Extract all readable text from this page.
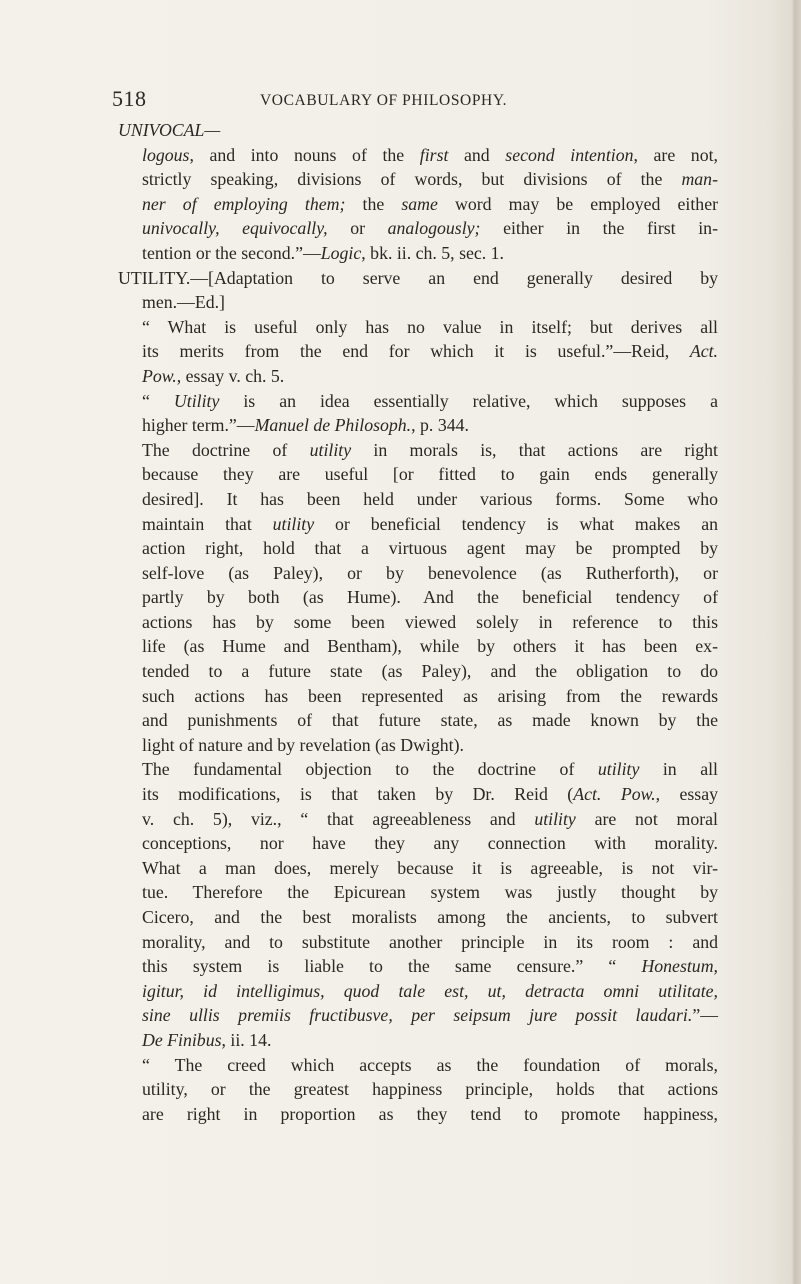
518	VOCABULARY OF PHILOSOPHY.
UNIVOCAL—
logous, and into nouns of the first and second intention, are not,
strictly speaking, divisions of words, but divisions of the man-
ner of employing them; the same word may be employed either
univocally, equivocally, or analogously; either in the first in-
tention or the second.”—Logic, bk. ii. ch. 5, sec. 1.
UTILITY.—[Adaptation to serve an end generally desired by
men.—Ed.]
“ What is useful only has no value in itself; but derives all
its merits from the end for which it is useful.”—Reid, Act.
Pow., essay v. ch. 5.
“ Utility is an idea essentially relative, which supposes a
higher term.”—Manuel de Philosoph., p. 344.
The doctrine of utility in morals is, that actions are right
because they are useful [or fitted to gain ends generally
desired]. It has been held under various forms. Some who
maintain that utility or beneficial tendency is what makes an
action right, hold that a virtuous agent may be prompted by
self-love (as Paley), or by benevolence (as Rutherforth), or
partly by both (as Hume). And the beneficial tendency of
actions has by some been viewed solely in reference to this
life (as Hume and Bentham), while by others it has been ex-
tended to a future state (as Paley), and the obligation to do
such actions has been represented as arising from the rewards
and punishments of that future state, as made known by the
light of nature and by revelation (as Dwight).
The fundamental objection to the doctrine of utility in all
its modifications, is that taken by Dr. Reid (Act. Pow., essay
v. ch. 5), viz., “ that agreeableness and utility are not moral
conceptions, nor have they any connection with morality.
What a man does, merely because it is agreeable, is not vir-
tue. Therefore the Epicurean system was justly thought by
Cicero, and the best moralists among the ancients, to subvert
morality, and to substitute another principle in its room : and
this system is liable to the same censure.” “ Honestum,
igitur, id intelligimus, quod tale est, ut, detracta omni utilitate,
sine ullis premiis fructibusve, per seipsum jure possit laudari.”—
De Finibus, ii. 14.
“ The creed which accepts as the foundation of morals,
utility, or the greatest happiness principle, holds that actions
are right in proportion as they tend to promote happiness,
